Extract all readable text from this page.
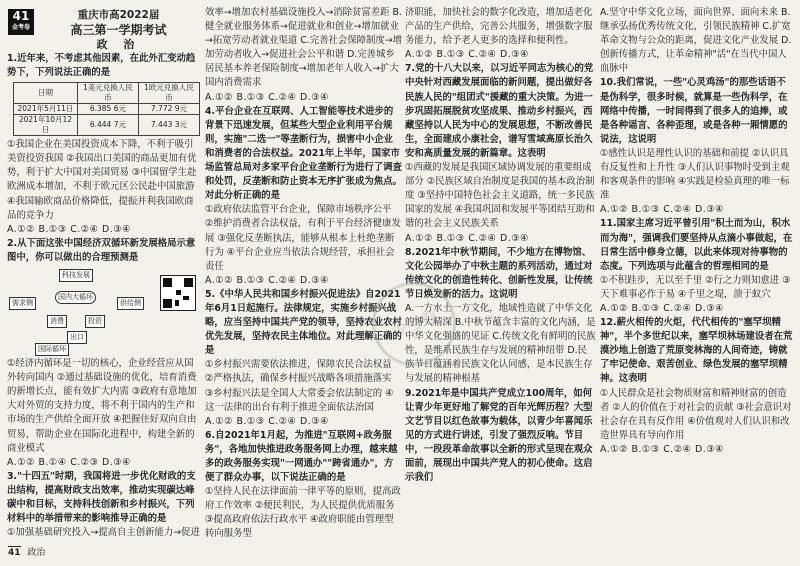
41
金考卷
重庆市高2022届
高三第一学期考试
政 治

1.近年来，不考虑其他因素，在此外汇变动趋势下，下列说法正确的是

日期	1美元兑换人民币	1欧元兑换人民币
2021年5月11日	6.385 6元	7.772 9元
2021年10月12日	6.444 7元	7.443 3元

①我国企业在美国投资成本下降，不利于吸引美资投资我国 ②我国出口美国的商品更加有优势，利于扩大中国对美国贸易 ③中国留学生赴欧洲成本增加，不利于欧元区公民赴中国旅游 ④我国输欧商品价格降低，提振并利我国欧商品的竞争力

A.①② B.①③ C.②④ D.③④

2.从下面这张中国经济双循环新发展格局示意图中，你可以做出的合理预测是

科技发展
需求侧	供给侧
国内大循环
消费	投资
出口
国际循环

①经济内循环是一切的核心，企业经营应从国外转向国内 ②通过基础设施的优化，培育消费的新增长点，能有效扩大内需 ③政府有意地加大对外贸的支持力度，将不利于国内的生产和市场的生产供给全面开放 ④把握住好双向自由贸易，帮助企业在国际化进程中，构建全新的商业模式

A.①② B.①④ C.②③ D.③④

3."十四五"时期，我国将进一步优化财政的支出结构，提高财政支出效率，推动实现碳达峰碳中和目标，支持科技创新和乡村振兴，下列材料中的举措带来的影响推导正确的是

①加强基础研究投入→提高自主创新能力→促进

效率→增加农村基础设施投入→消除贫富差距 B.健全就业服务体系→促进就业和创业→增加就业→拓宽劳动者就业渠道 C.完善社会保障制度→增加劳动者收入→促进社会公平和谐 D.完善城乡居民基本养老保险制度→增加老年人收入→扩大国内消费需求

A.①② B.①③ C.②④ D.③④

4.平台企业在互联网、人工智能等技术进步的背景下迅速发展，但某些大型企业利用平台规则，实施"二选一"等垄断行为，损害中小企业和消费者的合法权益。2021年上半年，国家市场监管总局对多家平台企业垄断行为进行了调查和处罚，反垄断和防止资本无序扩张成为焦点。对此分析正确的是

①政府依法监管平台企业，保障市场秩序公平 ②维护消费者合法权益，有利于平台经济健康发展 ③强化反垄断执法，能够从根本上杜绝垄断行为 ④平台企业应当依法合规经营，承担社会责任

A.①② B.①③ C.②④ D.③④

5.《中华人民共和国乡村振兴促进法》自2021年6月1日起施行。法律规定，实施乡村振兴战略，应当坚持中国共产党的领导，坚持农业农村优先发展，坚持农民主体地位。对此理解正确的是

①乡村振兴需要依法推进，保障农民合法权益 ②严格执法，确保乡村振兴战略各项措施落实 ③乡村振兴法是全国人大常委会依法制定的 ④这一法律的出台有利于推进全面依法治国

A.①② B.①③ C.②④ D.③④

6.自2021年1月起，为推进"互联网+政务服务"，各地加快推进政务服务网上办理，越来越多的政务服务实现"一网通办""跨省通办"，方便了群众办事，以下说法正确的是

①坚持人民在法律面前一律平等的原则，提高政府工作效率 ②便民利民，为人民提供优质服务 ③提高政府依法行政水平 ④政府职能由管理型转向服务型

济职能，加快社会的数字化改造，增加适老化产品的生产供给，完善公共服务，增强数字服务能力，给予老人更多的选择和便利性。

A.①② B.①③ C.②④ D.③④

7.党的十八大以来，以习近平同志为核心的党中央针对西藏发展面临的新问题，提出做好各民族人民的"组团式"援藏的重大决策。为进一步巩固拓展脱贫攻坚成果、推动乡村振兴，西藏坚持以人民为中心的发展思想，不断改善民生，全面建成小康社会，谱写雪域高原长治久安和高质量发展的新篇章。这表明

①西藏的发展是我国区域协调发展的重要组成部分 ②民族区域自治制度是我国的基本政治制度 ③坚持中国特色社会主义道路，统一多民族国家的发展 ④我国巩固和发展平等团结互助和谐的社会主义民族关系

A.①② B.①③ C.②④ D.③④

8.2021年中秋节期间，不少地方在博物馆、文化公园举办了中秋主题的系列活动，通过对传统文化的创造性转化、创新性发展，让传统节日焕发新的活力。这说明

A.一方水土一方文化，地域性造就了中华文化的博大精深 B.中秋节蕴含丰富的文化内涵，是中华文化强盛的见证 C.传统文化有鲜明的民族性，是维系民族生存与发展的精神纽带 D.民族节日蕴涵着民族文化认同感，是本民族生存与发展的精神根基

9.2021年是中国共产党成立100周年，如何让青少年更好地了解党的百年光辉历程？大型文艺节目以红色故事为载体，以青少年喜闻乐见的方式进行讲述，引发了强烈反响。节目中，一段段革命故事以全新的形式呈现在观众面前，展现出中国共产党人的初心使命。这启示我们

A.坚守中华文化立场，面向世界、面向未来 B.继承弘扬优秀传统文化，引领民族精神 C.扩宽革命文物与公众的距离，促进文化产业发展 D.创新传播方式，让革命精神"活"在当代中国人血脉中

10.我们常说，一些"心灵鸡汤"的那些话语不是伪科学，很多时候，就算是一些伪科学，在网络中传播，一时间得到了很多人的追捧，或是各种谣言、各种歪理，或是各种一厢情愿的说法，这说明

①感性认识是理性认识的基础和前提 ②认识具有反复性和上升性 ③人们认识事物时受到主观和客观条件的影响 ④实践是检验真理的唯一标准

A.①② B.①③ C.②④ D.③④

11.国家主席习近平曾引用"积土而为山，积水而为海"，强调我们要坚持从点滴小事做起，在日常生活中修身立德，以此来体现对待事物的态度。下列选项与此蕴含的哲理相同的是

①不积跬步，无以至千里 ②行之力则知愈进 ③天下难事必作于易 ④千里之堤，溃于蚁穴

A.①② B.①③ C.②④ D.③④

12.薪火相传的火炬，代代相传的"塞罕坝精神"，半个多世纪以来，塞罕坝林场建设者在荒漠沙地上创造了荒原变林海的人间奇迹，铸就了牢记使命、艰苦创业、绿色发展的塞罕坝精神。这表明

①人民群众是社会物质财富和精神财富的创造者 ②人的价值在于对社会的贡献 ③社会意识对社会存在具有反作用 ④价值观对人们认识和改造世界具有导向作用

A.①② B.①③ C.②④ D.③④

金考卷
41 政治
